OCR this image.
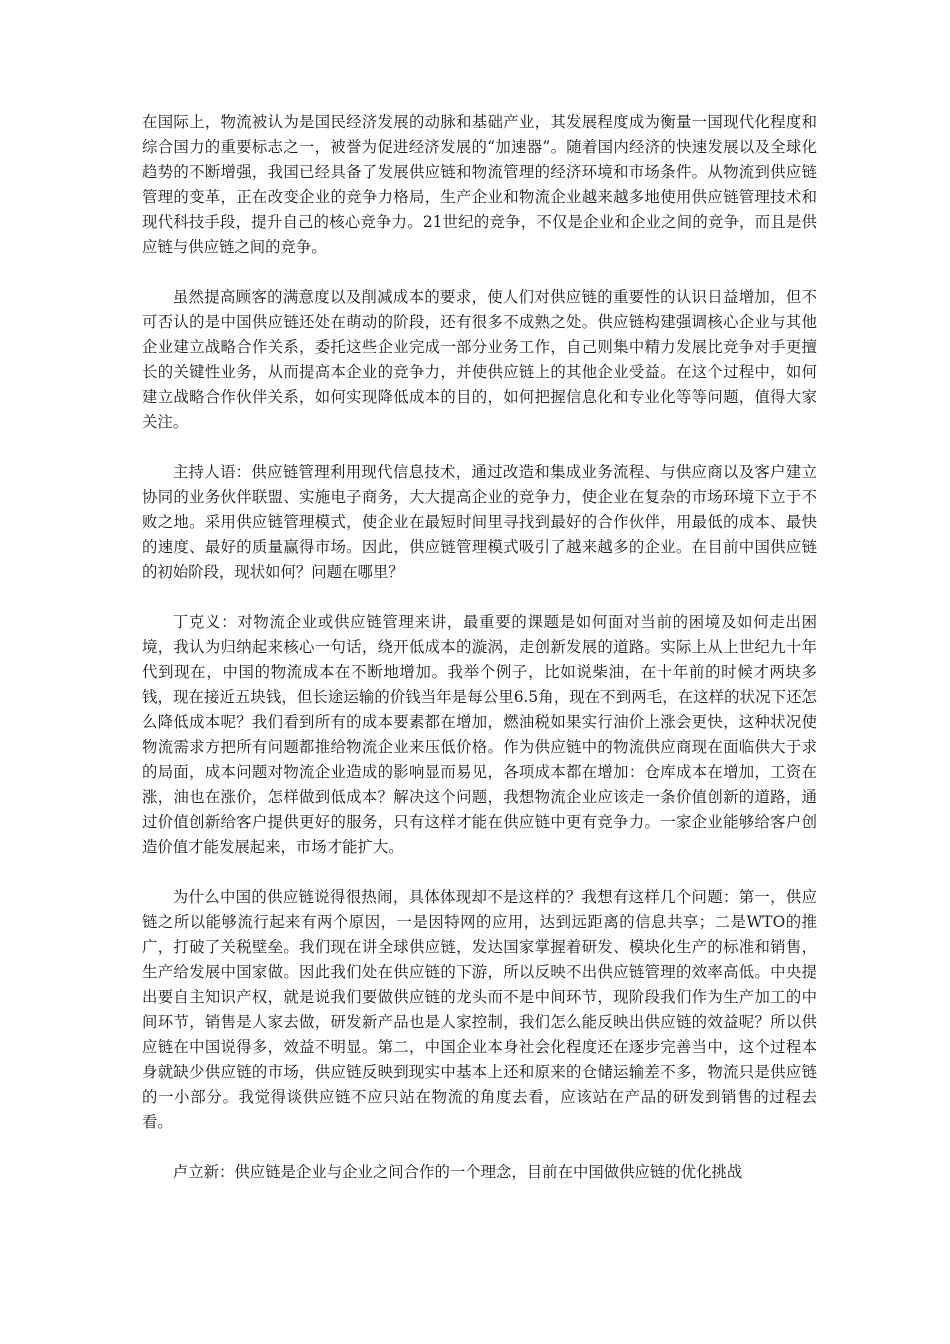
在国际上，物流被认为是国民经济发展的动脉和基础产业，其发展程度成为衡量一国现代化程度和综合国力的重要标志之一，被誉为促进经济发展的“加速器”。随着国内经济的快速发展以及全球化趋势的不断增强，我国已经具备了发展供应链和物流管理的经济环境和市场条件。从物流到供应链管理的变革，正在改变企业的竞争力格局，生产企业和物流企业越来越多地使用供应链管理技术和现代科技手段，提升自己的核心竞争力。21世纪的竞争，不仅是企业和企业之间的竞争，而且是供应链与供应链之间的竞争。

虽然提高顾客的满意度以及削减成本的要求，使人们对供应链的重要性的认识日益增加，但不可否认的是中国供应链还处在萌动的阶段，还有很多不成熟之处。供应链构建强调核心企业与其他企业建立战略合作关系，委托这些企业完成一部分业务工作，自己则集中精力发展比竞争对手更擅长的关键性业务，从而提高本企业的竞争力，并使供应链上的其他企业受益。在这个过程中，如何建立战略合作伙伴关系，如何实现降低成本的目的，如何把握信息化和专业化等等问题，值得大家关注。

主持人语：供应链管理利用现代信息技术，通过改造和集成业务流程、与供应商以及客户建立协同的业务伙伴联盟、实施电子商务，大大提高企业的竞争力，使企业在复杂的市场环境下立于不败之地。采用供应链管理模式，使企业在最短时间里寻找到最好的合作伙伴，用最低的成本、最快的速度、最好的质量赢得市场。因此，供应链管理模式吸引了越来越多的企业。在目前中国供应链的初始阶段，现状如何？问题在哪里？

丁克义：对物流企业或供应链管理来讲，最重要的课题是如何面对当前的困境及如何走出困境，我认为归纳起来核心一句话，绕开低成本的漩涡，走创新发展的道路。实际上从上世纪九十年代到现在，中国的物流成本在不断地增加。我举个例子，比如说柴油，在十年前的时候才两块多钱，现在接近五块钱，但长途运输的价钱当年是每公里6.5角，现在不到两毛，在这样的状况下还怎么降低成本呢？我们看到所有的成本要素都在增加，燃油税如果实行油价上涨会更快，这种状况使物流需求方把所有问题都推给物流企业来压低价格。作为供应链中的物流供应商现在面临供大于求的局面，成本问题对物流企业造成的影响显而易见，各项成本都在增加：仓库成本在增加，工资在涨，油也在涨价，怎样做到低成本？解决这个问题，我想物流企业应该走一条价值创新的道路，通过价值创新给客户提供更好的服务，只有这样才能在供应链中更有竞争力。一家企业能够给客户创造价值才能发展起来，市场才能扩大。

为什么中国的供应链说得很热闹，具体体现却不是这样的？我想有这样几个问题：第一，供应链之所以能够流行起来有两个原因，一是因特网的应用，达到远距离的信息共享；二是WTO的推广，打破了关税壁垒。我们现在讲全球供应链，发达国家掌握着研发、模块化生产的标准和销售，生产给发展中国家做。因此我们处在供应链的下游，所以反映不出供应链管理的效率高低。中央提出要自主知识产权，就是说我们要做供应链的龙头而不是中间环节，现阶段我们作为生产加工的中间环节，销售是人家去做，研发新产品也是人家控制，我们怎么能反映出供应链的效益呢？所以供应链在中国说得多，效益不明显。第二，中国企业本身社会化程度还在逐步完善当中，这个过程本身就缺少供应链的市场，供应链反映到现实中基本上还和原来的仓储运输差不多，物流只是供应链的一小部分。我觉得谈供应链不应只站在物流的角度去看，应该站在产品的研发到销售的过程去看。

卢立新：供应链是企业与企业之间合作的一个理念，目前在中国做供应链的优化挑战
